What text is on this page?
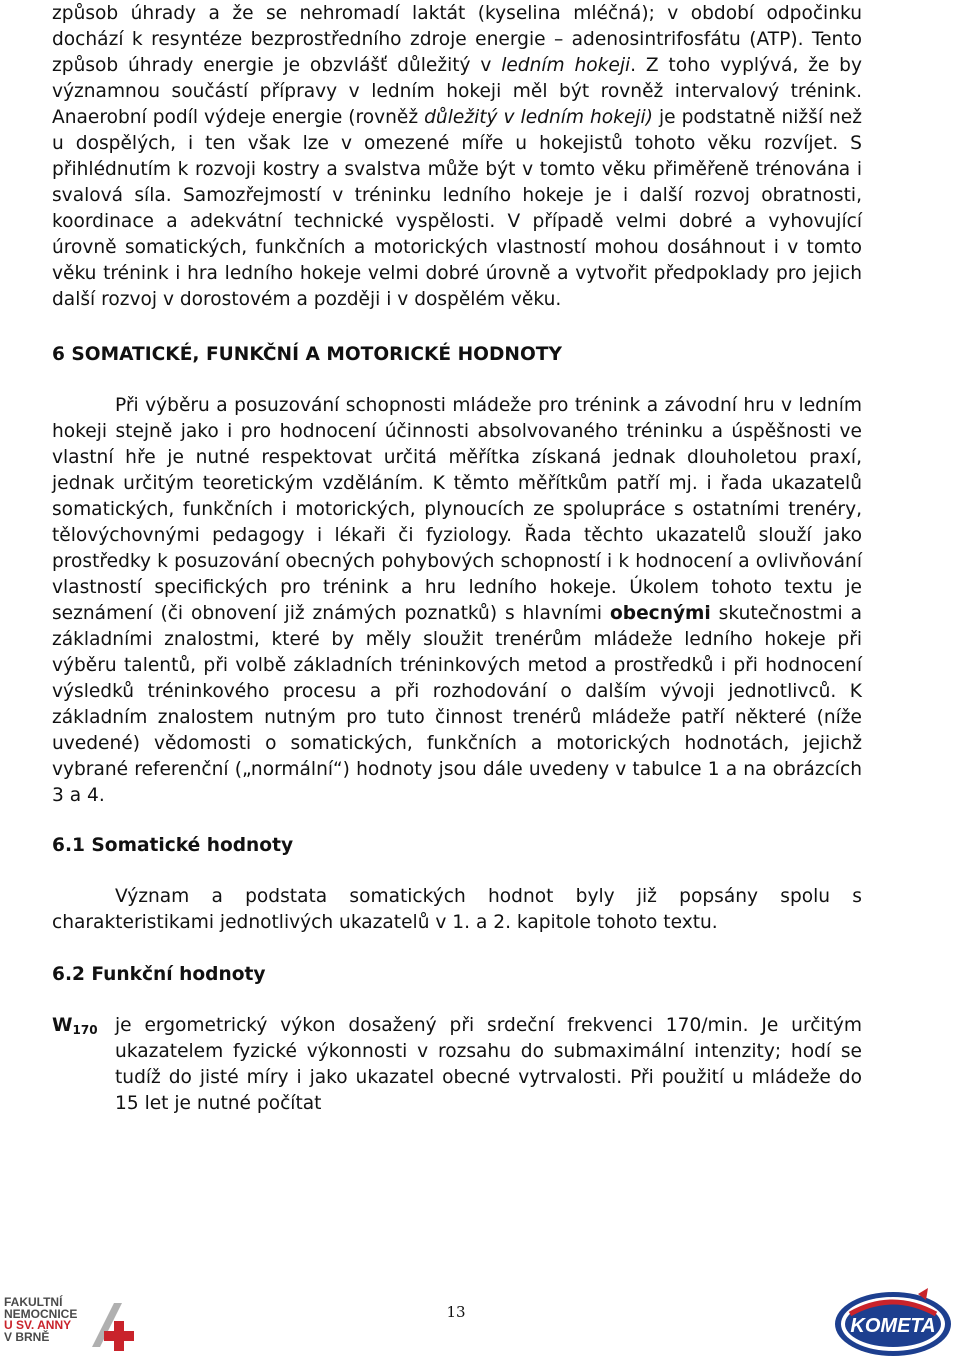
způsob úhrady a že se nehromadí laktát (kyselina mléčná); v období odpočinku dochází k resyntéze bezprostředního zdroje energie – adenosintrifosfátu (ATP). Tento způsob úhrady energie je obzvlášť důležitý v ledním hokeji. Z toho vyplývá, že by významnou součástí přípravy v ledním hokeji měl být rovněž intervalový trénink. Anaerobní podíl výdeje energie (rovněž důležitý v ledním hokeji) je podstatně nižší než u dospělých, i ten však lze v omezené míře u hokejistů tohoto věku rozvíjet. S přihlédnutím k rozvoji kostry a svalstva může být v tomto věku přiměřeně trénována i svalová síla. Samozřejmostí v tréninku ledního hokeje je i další rozvoj obratnosti, koordinace a adekvátní technické vyspělosti. V případě velmi dobré a vyhovující úrovně somatických, funkčních a motorických vlastností mohou dosáhnout i v tomto věku trénink i hra ledního hokeje velmi dobré úrovně a vytvořit předpoklady pro jejich další rozvoj v dorostovém a později i v dospělém věku.

6 SOMATICKÉ, FUNKČNÍ A MOTORICKÉ HODNOTY

Při výběru a posuzování schopnosti mládeže pro trénink a závodní hru v ledním hokeji stejně jako i pro hodnocení účinnosti absolvovaného tréninku a úspěšnosti ve vlastní hře je nutné respektovat určitá měřítka získaná jednak dlouholetou praxí, jednak určitým teoretickým vzděláním. K těmto měřítkům patří mj. i řada ukazatelů somatických, funkčních i motorických, plynoucích ze spolupráce s ostatními trenéry, tělovýchovnými pedagogy i lékaři či fyziology. Řada těchto ukazatelů slouží jako prostředky k posuzování obecných pohybových schopností i k hodnocení a ovlivňování vlastností specifických pro trénink a hru ledního hokeje. Úkolem tohoto textu je seznámení (či obnovení již známých poznatků) s hlavními obecnými skutečnostmi a základními znalostmi, které by měly sloužit trenérům mládeže ledního hokeje při výběru talentů, při volbě základních tréninkových metod a prostředků i při hodnocení výsledků tréninkového procesu a při rozhodování o dalším vývoji jednotlivců. K základním znalostem nutným pro tuto činnost trenérů mládeže patří některé (níže uvedené) vědomosti o somatických, funkčních a motorických hodnotách, jejichž vybrané referenční („normální“) hodnoty jsou dále uvedeny v tabulce 1 a na obrázcích 3 a 4.

6.1 Somatické hodnoty

Význam a podstata somatických hodnot byly již popsány spolu s charakteristikami jednotlivých ukazatelů v 1. a 2. kapitole tohoto textu.

6.2 Funkční hodnoty
$W_{170}$ je ergometrický výkon dosažený při srdeční frekvenci 170/min. Je určitým ukazatelem fyzické výkonnosti v rozsahu do submaximální intenzity; hodí se tudíž do jisté míry i jako ukazatel obecné vytrvalosti. Při použití u mládeže do 15 let je nutné počítat

FAKULTNÍ
NEMOCNICE
U SV. ANNY
V BRNĚ
13
KOMETA
